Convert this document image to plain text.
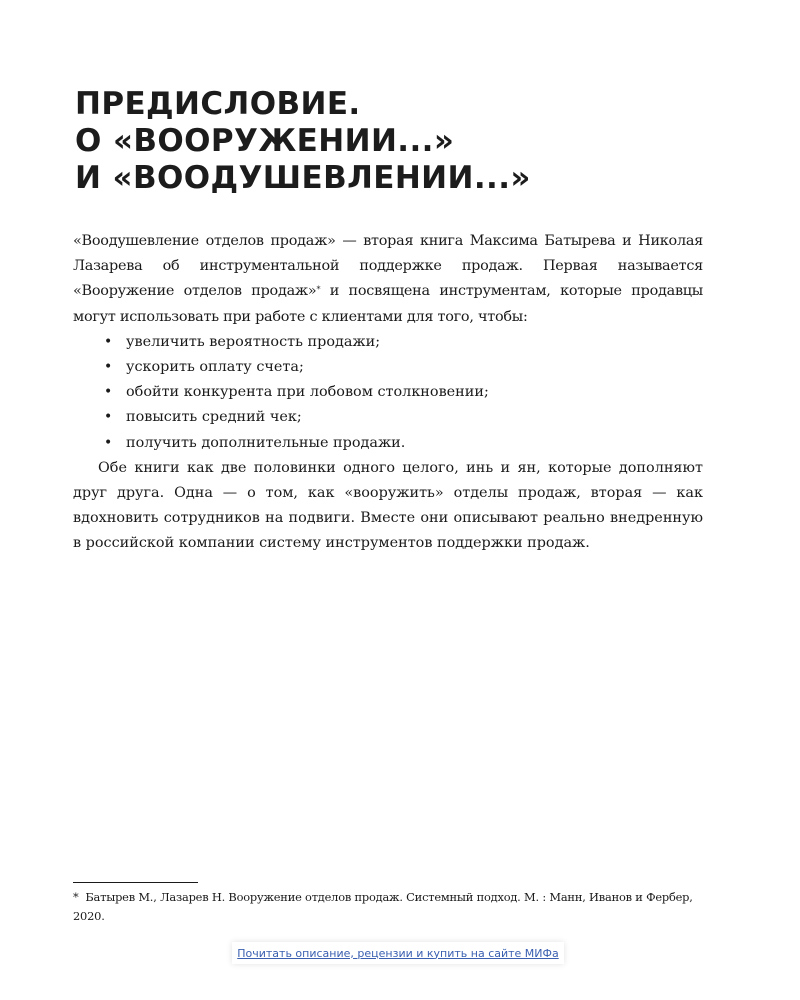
ПРЕДИСЛОВИЕ.
О «ВООРУЖЕНИИ...»
И «ВООДУШЕВЛЕНИИ...»

«Воодушевление отделов продаж» — вторая книга Максима Батырева и Николая Лазарева об инструментальной поддержке продаж. Первая называется «Вооружение отделов продаж»* и посвящена инструментам, которые продавцы могут использовать при работе с клиентами для того, чтобы:

• увеличить вероятность продажи;
• ускорить оплату счета;
• обойти конкурента при лобовом столкновении;
• повысить средний чек;
• получить дополнительные продажи.

Обе книги как две половинки одного целого, инь и ян, которые дополняют друг друга. Одна — о том, как «вооружить» отделы продаж, вторая — как вдохновить сотрудников на подвиги. Вместе они описывают реально внедренную в российской компании систему инструментов поддержки продаж.

* Батырев М., Лазарев Н. Вооружение отделов продаж. Системный подход. М. : Манн, Иванов и Фербер, 2020.
Почитать описание, рецензии и купить на сайте МИФа
